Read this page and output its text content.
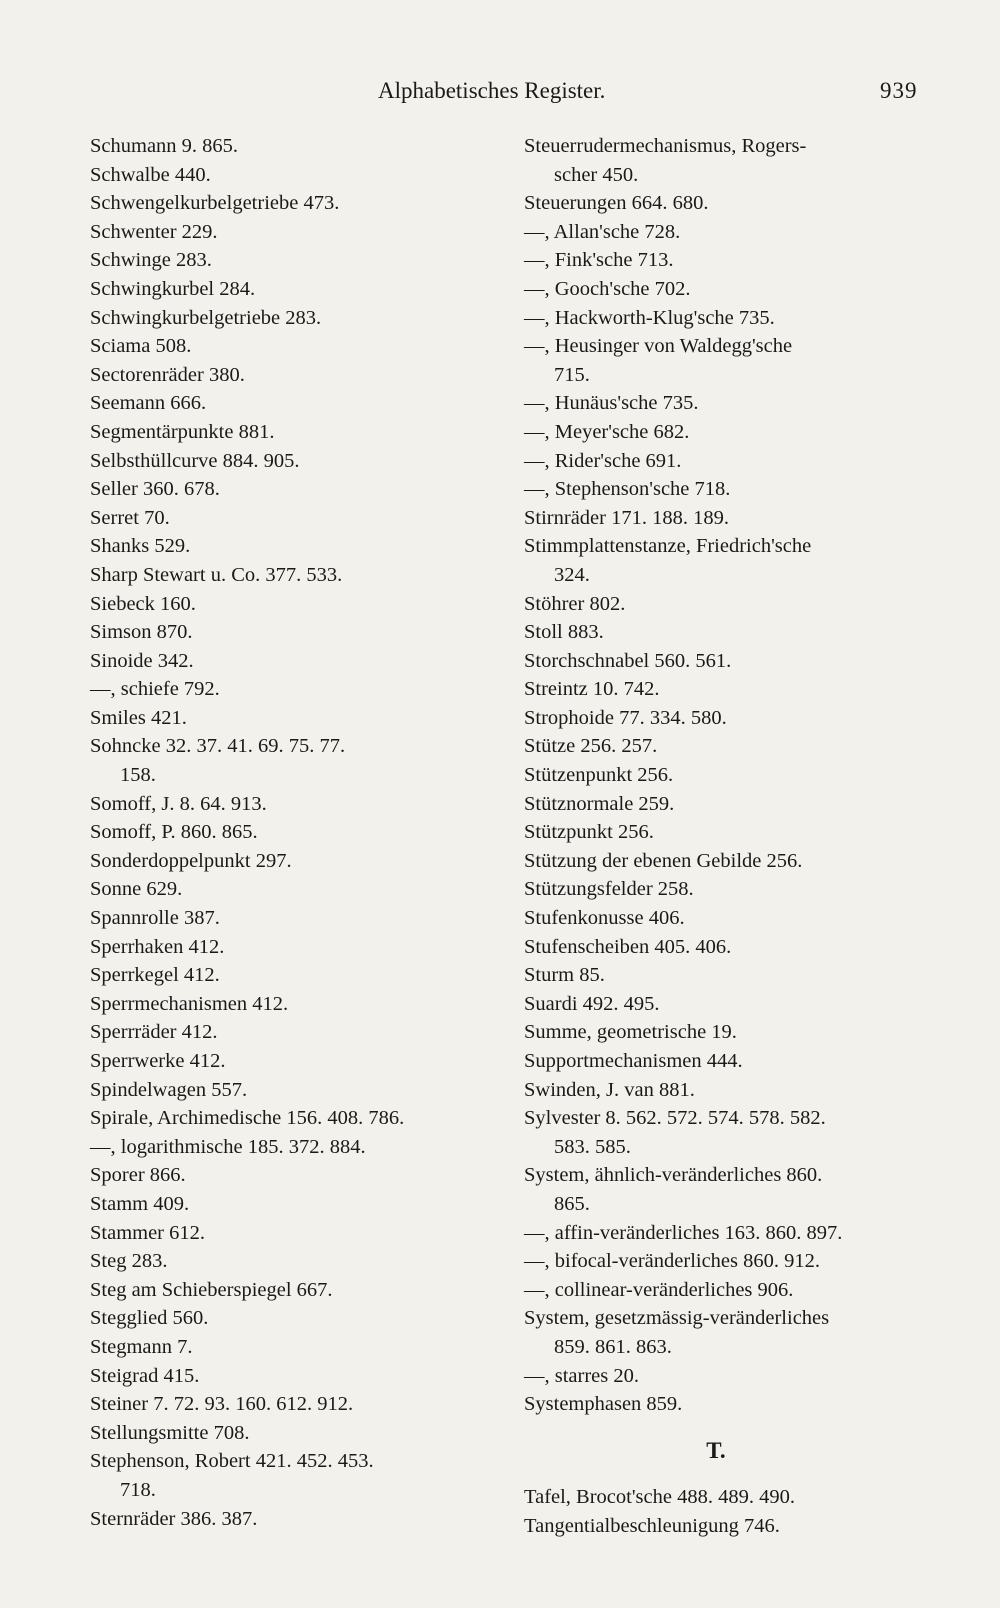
Alphabetisches Register.	939
Schumann 9. 865.
Schwalbe 440.
Schwengelkurbelgetriebe 473.
Schwenter 229.
Schwinge 283.
Schwingkurbel 284.
Schwingkurbelgetriebe 283.
Sciama 508.
Sectorenräder 380.
Seemann 666.
Segmentärpunkte 881.
Selbsthüllcurve 884. 905.
Seller 360. 678.
Serret 70.
Shanks 529.
Sharp Stewart u. Co. 377. 533.
Siebeck 160.
Simson 870.
Sinoide 342.
—, schiefe 792.
Smiles 421.
Sohncke 32. 37. 41. 69. 75. 77.
158.
Somoff, J. 8. 64. 913.
Somoff, P. 860. 865.
Sonderdoppelpunkt 297.
Sonne 629.
Spannrolle 387.
Sperrhaken 412.
Sperrkegel 412.
Sperrmechanismen 412.
Sperrräder 412.
Sperrwerke 412.
Spindelwagen 557.
Spirale, Archimedische 156. 408. 786.
—, logarithmische 185. 372. 884.
Sporer 866.
Stamm 409.
Stammer 612.
Steg 283.
Steg am Schieberspiegel 667.
Stegglied 560.
Stegmann 7.
Steigrad 415.
Steiner 7. 72. 93. 160. 612. 912.
Stellungsmitte 708.
Stephenson, Robert 421. 452. 453.
718.
Sternräder 386. 387.
Steuerrudermechanismus, Rogers-
scher 450.
Steuerungen 664. 680.
—, Allan'sche 728.
—, Fink'sche 713.
—, Gooch'sche 702.
—, Hackworth-Klug'sche 735.
—, Heusinger von Waldegg'sche
715.
—, Hunäus'sche 735.
—, Meyer'sche 682.
—, Rider'sche 691.
—, Stephenson'sche 718.
Stirnräder 171. 188. 189.
Stimmplattenstanze, Friedrich'sche
324.
Stöhrer 802.
Stoll 883.
Storchschnabel 560. 561.
Streintz 10. 742.
Strophoide 77. 334. 580.
Stütze 256. 257.
Stützenpunkt 256.
Stütznormale 259.
Stützpunkt 256.
Stützung der ebenen Gebilde 256.
Stützungsfelder 258.
Stufenkonusse 406.
Stufenscheiben 405. 406.
Sturm 85.
Suardi 492. 495.
Summe, geometrische 19.
Supportmechanismen 444.
Swinden, J. van 881.
Sylvester 8. 562. 572. 574. 578. 582.
583. 585.
System, ähnlich-veränderliches 860.
865.
—, affin-veränderliches 163. 860. 897.
—, bifocal-veränderliches 860. 912.
—, collinear-veränderliches 906.
System, gesetzmässig-veränderliches
859. 861. 863.
—, starres 20.
Systemphasen 859.
T.
Tafel, Brocot'sche 488. 489. 490.
Tangentialbeschleunigung 746.
